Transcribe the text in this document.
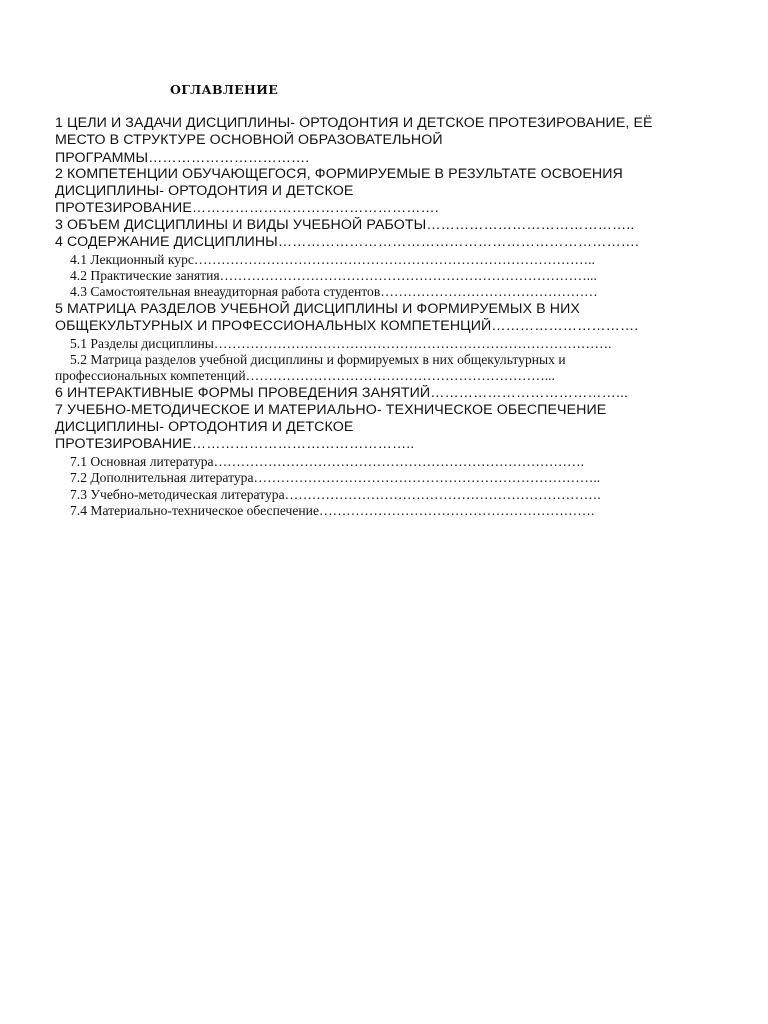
ОГЛАВЛЕНИЕ
1 ЦЕЛИ И ЗАДАЧИ ДИСЦИПЛИНЫ- ОРТОДОНТИЯ И ДЕТСКОЕ ПРОТЕЗИРОВАНИЕ, ЕЁ
МЕСТО В СТРУКТУРЕ ОСНОВНОЙ ОБРАЗОВАТЕЛЬНОЙ
ПРОГРАММЫ…………………………….
2 КОМПЕТЕНЦИИ ОБУЧАЮЩЕГОСЯ, ФОРМИРУЕМЫЕ В РЕЗУЛЬТАТЕ ОСВОЕНИЯ
ДИСЦИПЛИНЫ- ОРТОДОНТИЯ И ДЕТСКОЕ
ПРОТЕЗИРОВАНИЕ…………………………………………….
3 ОБЪЕМ ДИСЦИПЛИНЫ И ВИДЫ УЧЕБНОЙ РАБОТЫ……………………………………..
4 СОДЕРЖАНИЕ ДИСЦИПЛИНЫ………………………………………………………………….
4.1 Лекционный курс……………………………………………………………………………..
4.2 Практические занятия………………………………………………………………………...
4.3 Самостоятельная внеаудиторная работа студентов…………………………………………
5 МАТРИЦА РАЗДЕЛОВ УЧЕБНОЙ ДИСЦИПЛИНЫ И ФОРМИРУЕМЫХ В НИХ
ОБЩЕКУЛЬТУРНЫХ И ПРОФЕССИОНАЛЬНЫХ КОМПЕТЕНЦИЙ………………………….
5.1 Разделы дисциплины…………………………………………………………………………….
5.2 Матрица разделов учебной дисциплины и формируемых в них общекультурных и
профессиональных компетенций…………………………………………………………...
6 ИНТЕРАКТИВНЫЕ ФОРМЫ ПРОВЕДЕНИЯ ЗАНЯТИЙ…………………………………...
7 УЧЕБНО-МЕТОДИЧЕСКОЕ И МАТЕРИАЛЬНО- ТЕХНИЧЕСКОЕ ОБЕСПЕЧЕНИЕ
ДИСЦИПЛИНЫ- ОРТОДОНТИЯ И ДЕТСКОЕ
ПРОТЕЗИРОВАНИЕ………………………………………..
7.1 Основная литература……………………………………………………………………….
7.2 Дополнительная литература…………………………………………………………………..
7.3 Учебно-методическая литература…………………………………………………………….
7.4 Материально-техническое обеспечение…………………………………………………….
